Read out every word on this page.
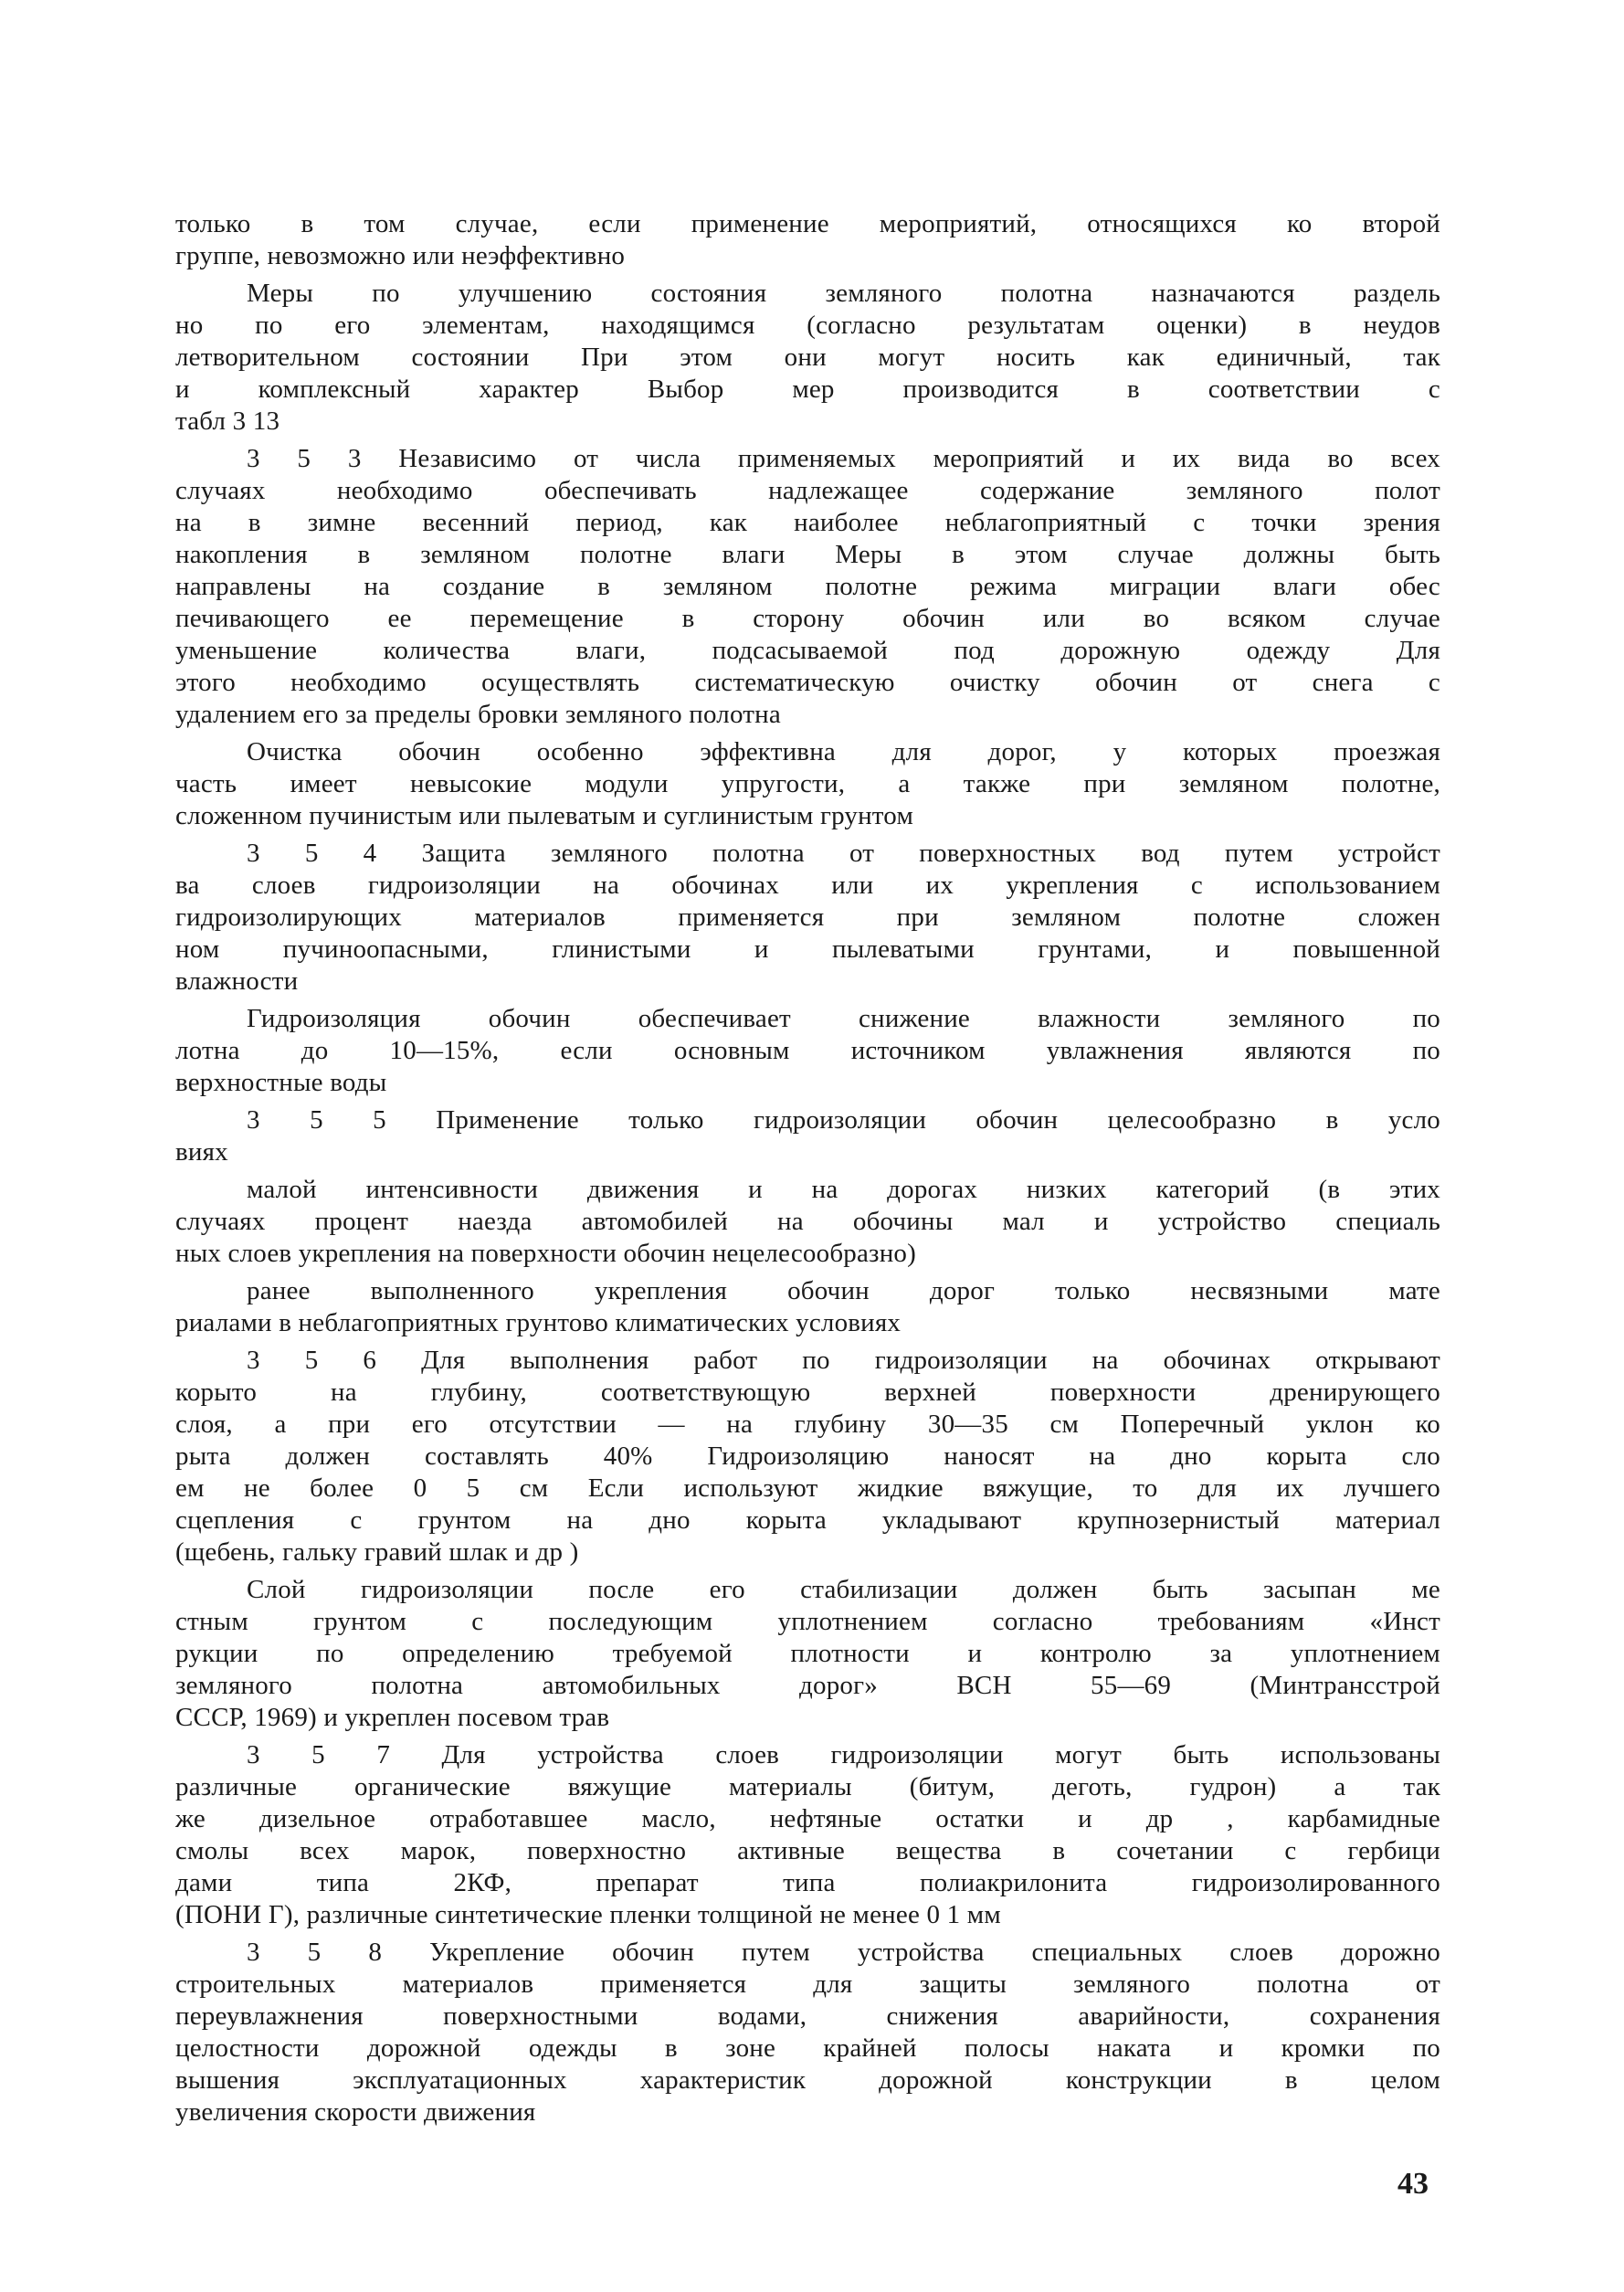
только в том случае, если применение мероприятий, относящихся ко второй
группе, невозможно или неэффективно
Меры по улучшению состояния земляного полотна назначаются раздель
но по его элементам, находящимся (согласно результатам оценки) в неудов
летворительном состоянии При этом они могут носить как единичный, так
и комплексный характер Выбор мер производится в соответствии с
табл 3 13
3 5 3 Независимо от числа применяемых мероприятий и их вида во всех
случаях необходимо обеспечивать надлежащее содержание земляного полот
на в зимне весенний период, как наиболее неблагоприятный с точки зрения
накопления в земляном полотне влаги Меры в этом случае должны быть
направлены на создание в земляном полотне режима миграции влаги обес
печивающего ее перемещение в сторону обочин или во всяком случае
уменьшение количества влаги, подсасываемой под дорожную одежду Для
этого необходимо осуществлять систематическую очистку обочин от снега с
удалением его за пределы бровки земляного полотна
Очистка обочин особенно эффективна для дорог, у которых проезжая
часть имеет невысокие модули упругости, а также при земляном полотне,
сложенном пучинистым или пылеватым и суглинистым грунтом
3 5 4 Защита земляного полотна от поверхностных вод путем устройст
ва слоев гидроизоляции на обочинах или их укрепления с использованием
гидроизолирующих материалов применяется при земляном полотне сложен
ном пучиноопасными, глинистыми и пылеватыми грунтами, и повышенной
влажности
Гидроизоляция обочин обеспечивает снижение влажности земляного по
лотна до 10—15%, если основным источником увлажнения являются по
верхностные воды
3 5 5 Применение только гидроизоляции обочин целесообразно в усло
виях
малой интенсивности движения и на дорогах низких категорий (в этих
случаях процент наезда автомобилей на обочины мал и устройство специаль
ных слоев укрепления на поверхности обочин нецелесообразно)
ранее выполненного укрепления обочин дорог только несвязными мате
риалами в неблагоприятных грунтово климатических условиях
3 5 6 Для выполнения работ по гидроизоляции на обочинах открывают
корыто на глубину, соответствующую верхней поверхности дренирующего
слоя, а при его отсутствии — на глубину 30—35 см Поперечный уклон ко
рыта должен составлять 40% Гидроизоляцию наносят на дно корыта сло
ем не более 0 5 см Если используют жидкие вяжущие, то для их лучшего
сцепления с грунтом на дно корыта укладывают крупнозернистый материал
(щебень, гальку гравий шлак и др )
Слой гидроизоляции после его стабилизации должен быть засыпан ме
стным грунтом с последующим уплотнением согласно требованиям «Инст
рукции по определению требуемой плотности и контролю за уплотнением
земляного полотна автомобильных дорог» ВСН 55—69 (Минтрансстрой
СССР, 1969) и укреплен посевом трав
3 5 7 Для устройства слоев гидроизоляции могут быть использованы
различные органические вяжущие материалы (битум, деготь, гудрон) а так
же дизельное отработавшее масло, нефтяные остатки и др , карбамидные
смолы всех марок, поверхностно активные вещества в сочетании с гербици
дами типа 2КФ, препарат типа полиакрилонита гидроизолированного
(ПОНИ Г), различные синтетические пленки толщиной не менее 0 1 мм
3 5 8 Укрепление обочин путем устройства специальных слоев дорожно
строительных материалов применяется для защиты земляного полотна от
переувлажнения поверхностными водами, снижения аварийности, сохранения
целостности дорожной одежды в зоне крайней полосы наката и кромки по
вышения эксплуатационных характеристик дорожной конструкции в целом
увеличения скорости движения
43
